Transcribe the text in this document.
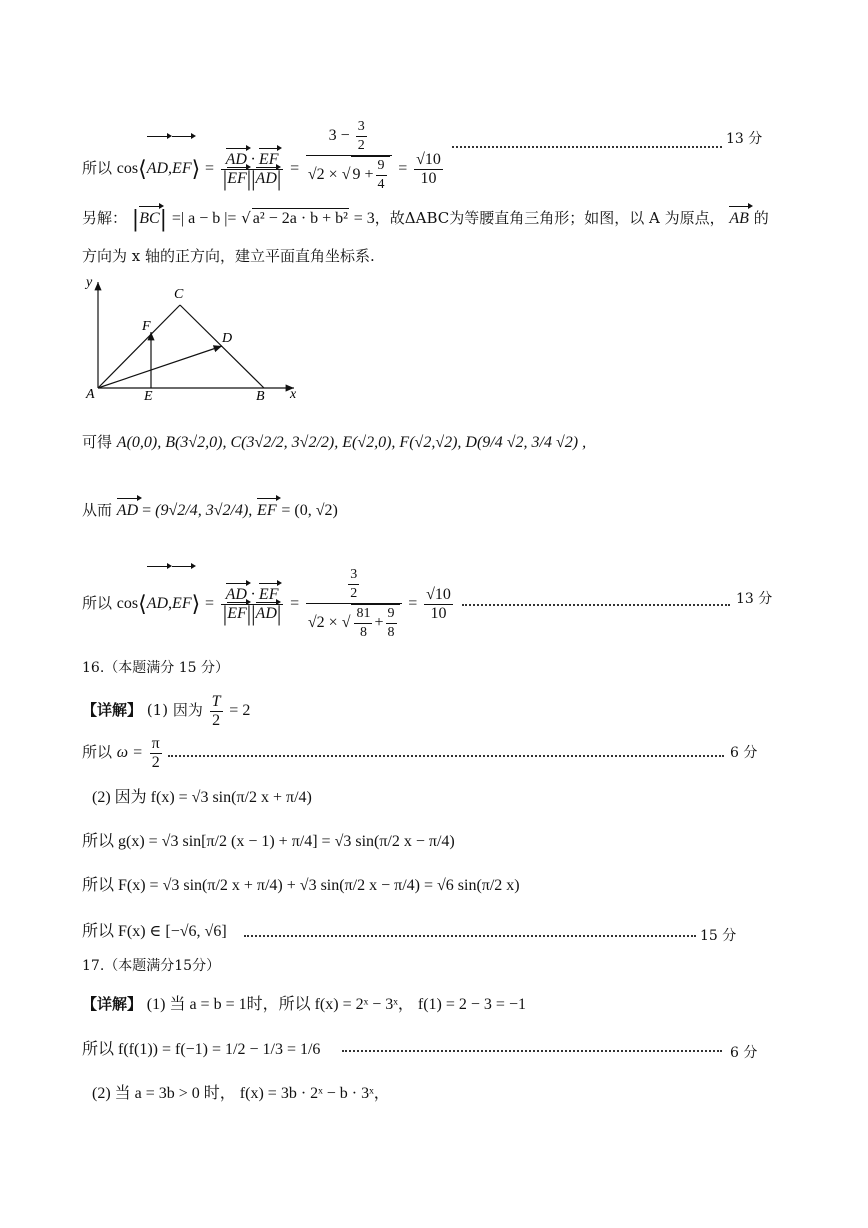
所以 cos⟨AD,EF⟩ = $\frac{AD \cdot EF}{|EF||AD|} = \frac{3 - \frac{3}{2}}{√2 \times √ 9 + \frac{9}{4}} = \frac{√10}{10}$
13 分
另解： |BC| =| a − b |= √ a² − 2a · b + b² = 3，故ΔABC为等腰直角三角形；如图，以 A 为原点， AB 的
方向为 x 轴的正方向，建立平面直角坐标系.
y
x
A	B
C
D
E
F
可得 A(0,0), B(3√2,0), C(3√2/2, 3√2/2), E(√2,0), F(√2,√2), D(9/4 √2, 3/4 √2) ,
从而 AD = (9√2/4, 3√2/4), EF = (0, √2)
所以 cos⟨AD,EF⟩ = $\frac{AD \cdot EF}{|EF||AD|} = \frac{\frac{3}{2}}{√2 \times √ \frac{81}{8} + \frac{9}{8}} = \frac{√10}{10}$	13 分
16.（本题满分 15 分）
【详解】 (1) 因为 $\frac{T}{2} = 2$
所以 $\omega = \frac{\pi}{2}$	6 分
(2) 因为 f(x) = √3 sin(π/2 x + π/4)
所以 g(x) = √3 sin[π/2 (x − 1) + π/4] = √3 sin(π/2 x − π/4)
所以 F(x) = √3 sin(π/2 x + π/4) + √3 sin(π/2 x − π/4) = √6 sin(π/2 x)
所以 F(x) ∈ [−√6, √6]	15 分
17.（本题满分15分）
【详解】 (1) 当 a = b = 1时，所以 f(x) = 2ˣ − 3ˣ， f(1) = 2 − 3 = −1
所以 f(f(1)) = f(−1) = 1/2 − 1/3 = 1/6	6 分
(2) 当 a = 3b > 0 时， f(x) = 3b · 2ˣ − b · 3ˣ，
